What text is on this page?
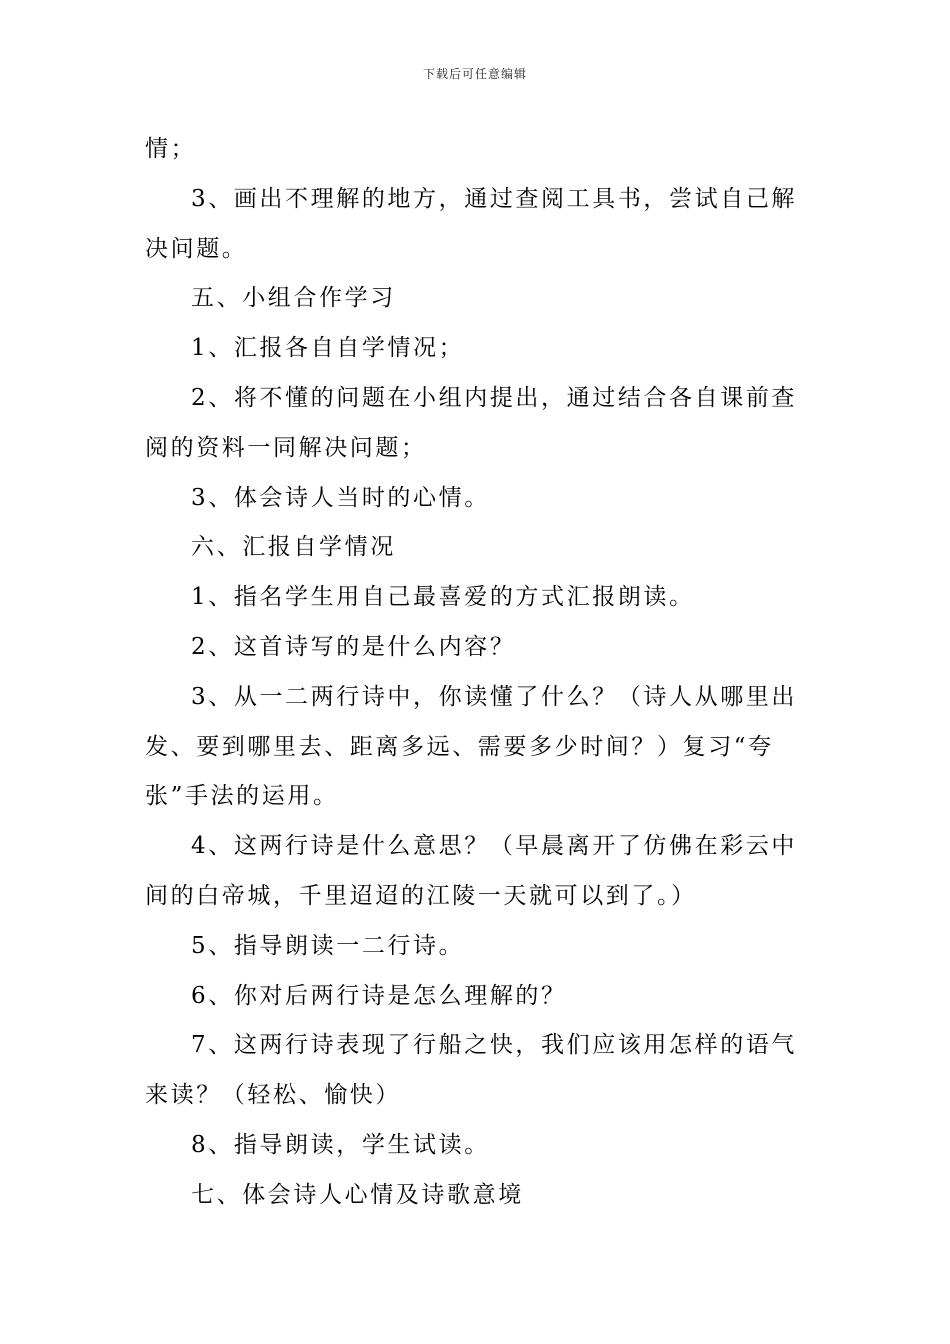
下载后可任意编辑

情；

3、画出不理解的地方，通过查阅工具书，尝试自己解决问题。

五、小组合作学习

1、汇报各自自学情况；

2、将不懂的问题在小组内提出，通过结合各自课前查阅的资料一同解决问题；

3、体会诗人当时的心情。

六、汇报自学情况

1、指名学生用自己最喜爱的方式汇报朗读。

2、这首诗写的是什么内容？

3、从一二两行诗中，你读懂了什么？（诗人从哪里出发、要到哪里去、距离多远、需要多少时间？）复习“夸张”手法的运用。

4、这两行诗是什么意思？（早晨离开了仿佛在彩云中间的白帝城，千里迢迢的江陵一天就可以到了。）

5、指导朗读一二行诗。

6、你对后两行诗是怎么理解的？

7、这两行诗表现了行船之快，我们应该用怎样的语气来读？（轻松、愉快）

8、指导朗读，学生试读。

七、体会诗人心情及诗歌意境
